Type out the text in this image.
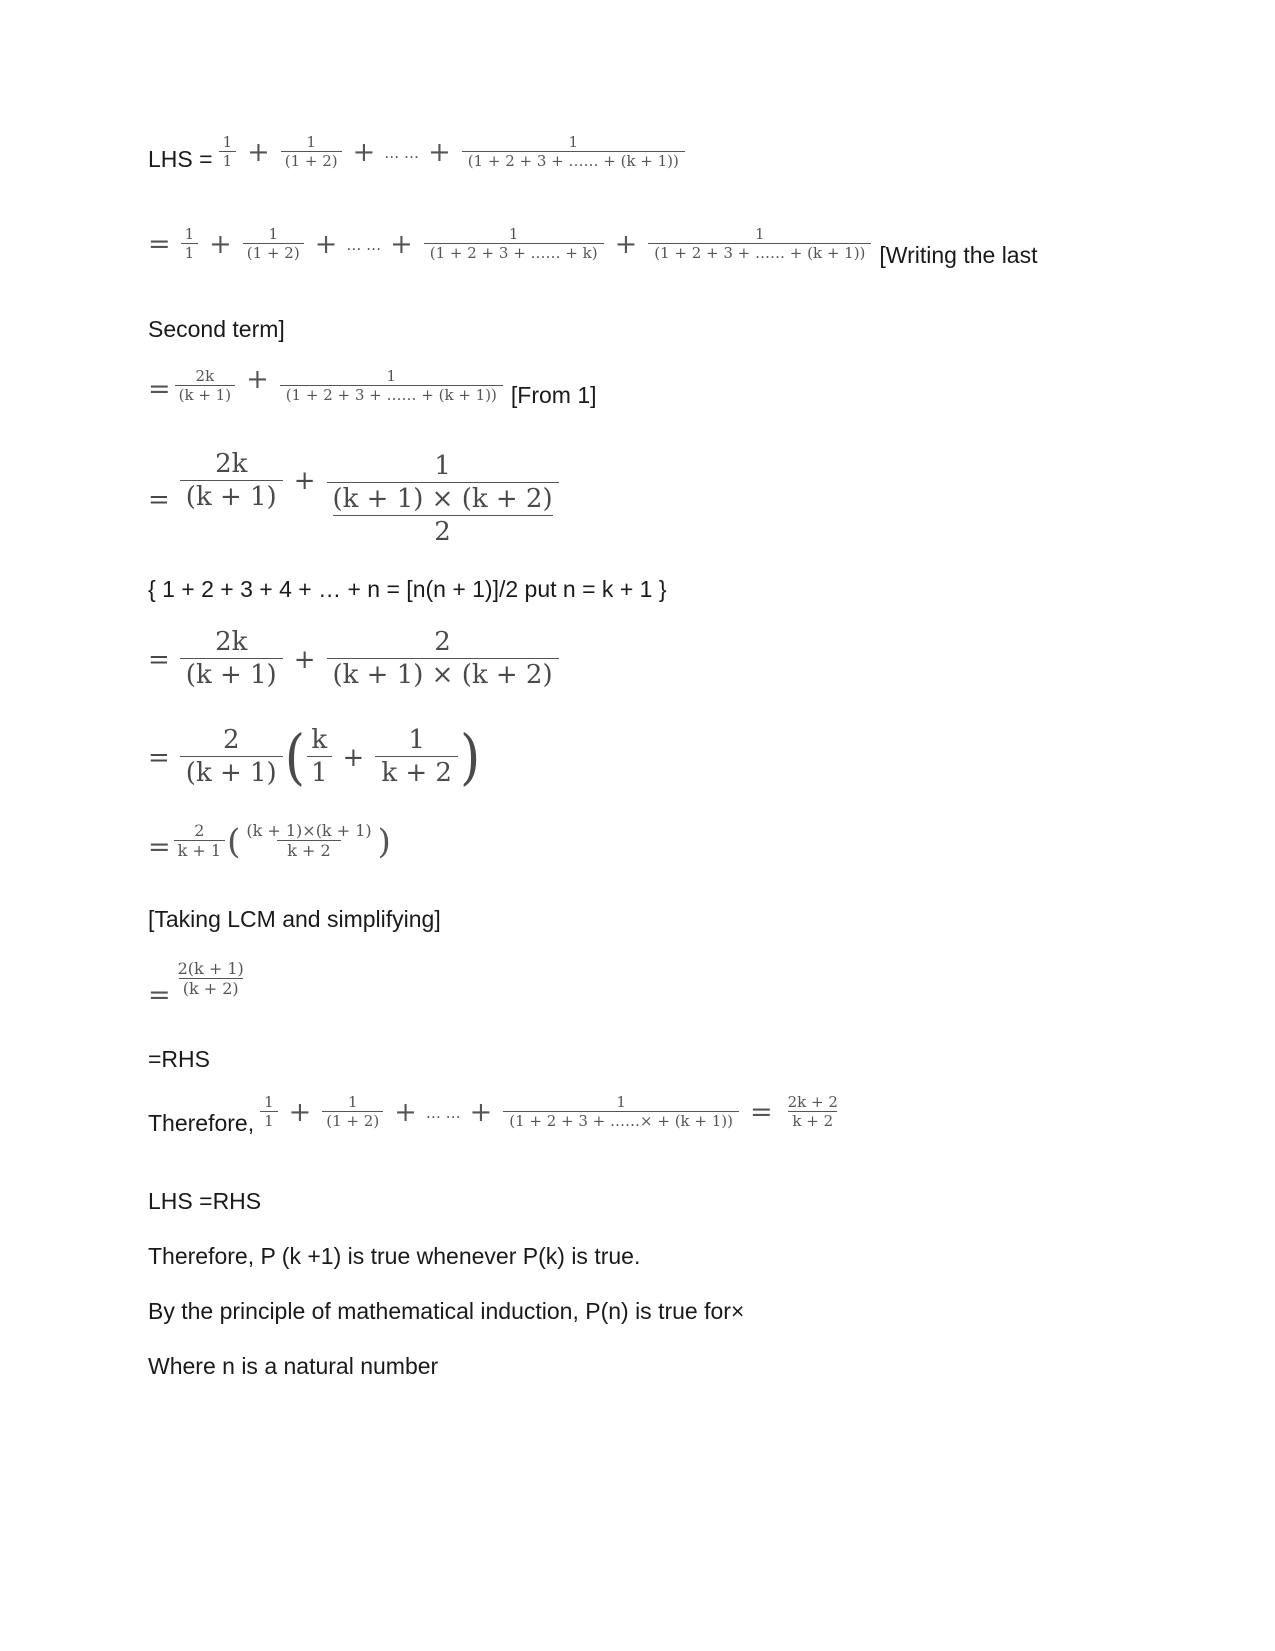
LHS = $\frac{1}{1} + \frac{1}{(1 + 2)}$ + … … + $\frac{1}{(1 + 2 + 3 + \dots\dots + (k + 1))}$
= $\frac{1}{1} + \frac{1}{(1 + 2)}$ + … … + $\frac{1}{(1 + 2 + 3 + \dots\dots + k)} + \frac{1}{(1 + 2 + 3 + \dots\dots + (k + 1))}$ [Writing the last
Second term]
= $\frac{2k}{(k + 1)} + \frac{1}{(1 + 2 + 3 + \dots\dots + (k + 1))}$ [From 1]
= $\frac{2k}{(k + 1)} + 1$
(k + 1) × (k + 2)
2
{ 1 + 2 + 3 + 4 + … + n = [n(n + 1)]/2 put n = k + 1 }
= $\frac{2k}{(k + 1)} + \frac{2}{(k + 1) \times (k + 2)}$
= $\frac{2}{(k + 1)}$ ( $\frac{k}{1} + \frac{1}{k + 2}$ )
= $\frac{2}{k + 1}$ ( $\frac{(k + 1)\times(k + 1)}{k + 2}$ )
[Taking LCM and simplifying]
= $\frac{2(k + 1)}{(k + 2)}$
=RHS
Therefore, $\frac{1}{1} + \frac{1}{(1 + 2)}$ + … … + $\frac{1}{(1 + 2 + 3 + \dots\dots\times + (k + 1))} = \frac{2k + 2}{k + 2}$
LHS =RHS
Therefore, P (k +1) is true whenever P(k) is true.
By the principle of mathematical induction, P(n) is true for×
Where n is a natural number
